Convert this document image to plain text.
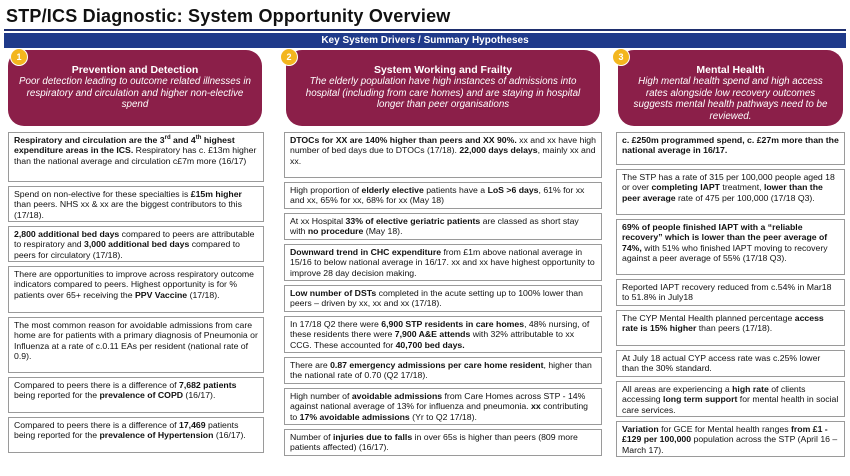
STP/ICS Diagnostic: System Opportunity Overview
Key System Drivers / Summary Hypotheses
1
Prevention and Detection
Poor detection leading to outcome related illnesses in respiratory and circulation and higher non-elective spend
Respiratory and circulation are the 3rd and 4th highest expenditure areas in the ICS. Respiratory has c. £13m higher than the national average and circulation c£7m more (16/17)
Spend on non-elective for these specialties is £15m higher than peers. NHS xx & xx are the biggest contributors to this (17/18).
2,800 additional bed days compared to peers are attributable to respiratory and 3,000 additional bed days compared to peers for circulatory (17/18).
There are opportunities to improve across respiratory outcome indicators compared to peers. Highest opportunity is for % patients over 65+ receiving the PPV Vaccine (17/18).
The most common reason for avoidable admissions from care home are for patients with a primary diagnosis of Pneumonia or Influenza at a rate of c.0.11 EAs per resident (national rate of 0.9).
Compared to peers there is a difference of 7,682 patients being reported for the prevalence of COPD (16/17).
Compared to peers there is a difference of 17,469 patients being reported for the prevalence of Hypertension (16/17).
2
System Working and Frailty
The elderly population have high instances of admissions into hospital (including from care homes) and are staying in hospital longer than peer organisations
DTOCs for XX are 140% higher than peers and XX 90%. xx and xx have high number of bed days due to DTOCs (17/18). 22,000 days delays, mainly xx and xx.
High proportion of elderly elective patients have a LoS >6 days, 61% for xx and xx, 65% for xx, 68% for xx (May 18)
At xx Hospital 33% of elective geriatric patients are classed as short stay with no procedure (May 18).
Downward trend in CHC expenditure from £1m above national average in 15/16 to below national average in 16/17. xx and xx have highest opportunity to improve 28 day decision making.
Low number of DSTs completed in the acute setting up to 100% lower than peers – driven by xx, xx and xx (17/18).
In 17/18 Q2 there were 6,900 STP residents in care homes, 48% nursing, of these residents there were 7,900 A&E attends with 32% attributable to xx CCG. These accounted for 40,700 bed days.
There are 0.87 emergency admissions per care home resident, higher than the national rate of 0.70 (Q2 17/18).
High number of avoidable admissions from Care Homes across STP - 14% against national average of 13% for influenza and pneumonia. xx contributing to 17% avoidable admissions (Yr to Q2 17/18).
Number of injuries due to falls in over 65s is higher than peers (809 more patients affected) (16/17).
3
Mental Health
High mental health spend and high access rates alongside low recovery outcomes suggests mental health pathways need to be reviewed.
c. £250m programmed spend, c. £27m more than the national average in 16/17.
The STP has a rate of 315 per 100,000 people aged 18 or over completing IAPT treatment, lower than the peer average rate of 475 per 100,000 (17/18 Q3).
69% of people finished IAPT with a “reliable recovery” which is lower than the peer average of 74%, with 51% who finished IAPT moving to recovery against a peer average of 55% (17/18 Q3).
Reported IAPT recovery reduced from c.54% in Mar18 to 51.8% in July18
The CYP Mental Health planned percentage access rate is 15% higher than peers (17/18).
At July 18 actual CYP access rate was c.25% lower than the 30% standard.
All areas are experiencing a high rate of clients accessing long term support for mental health in social care services.
Variation for GCE for Mental health ranges from £1 - £129 per 100,000 population across the STP (April 16 – March 17).
